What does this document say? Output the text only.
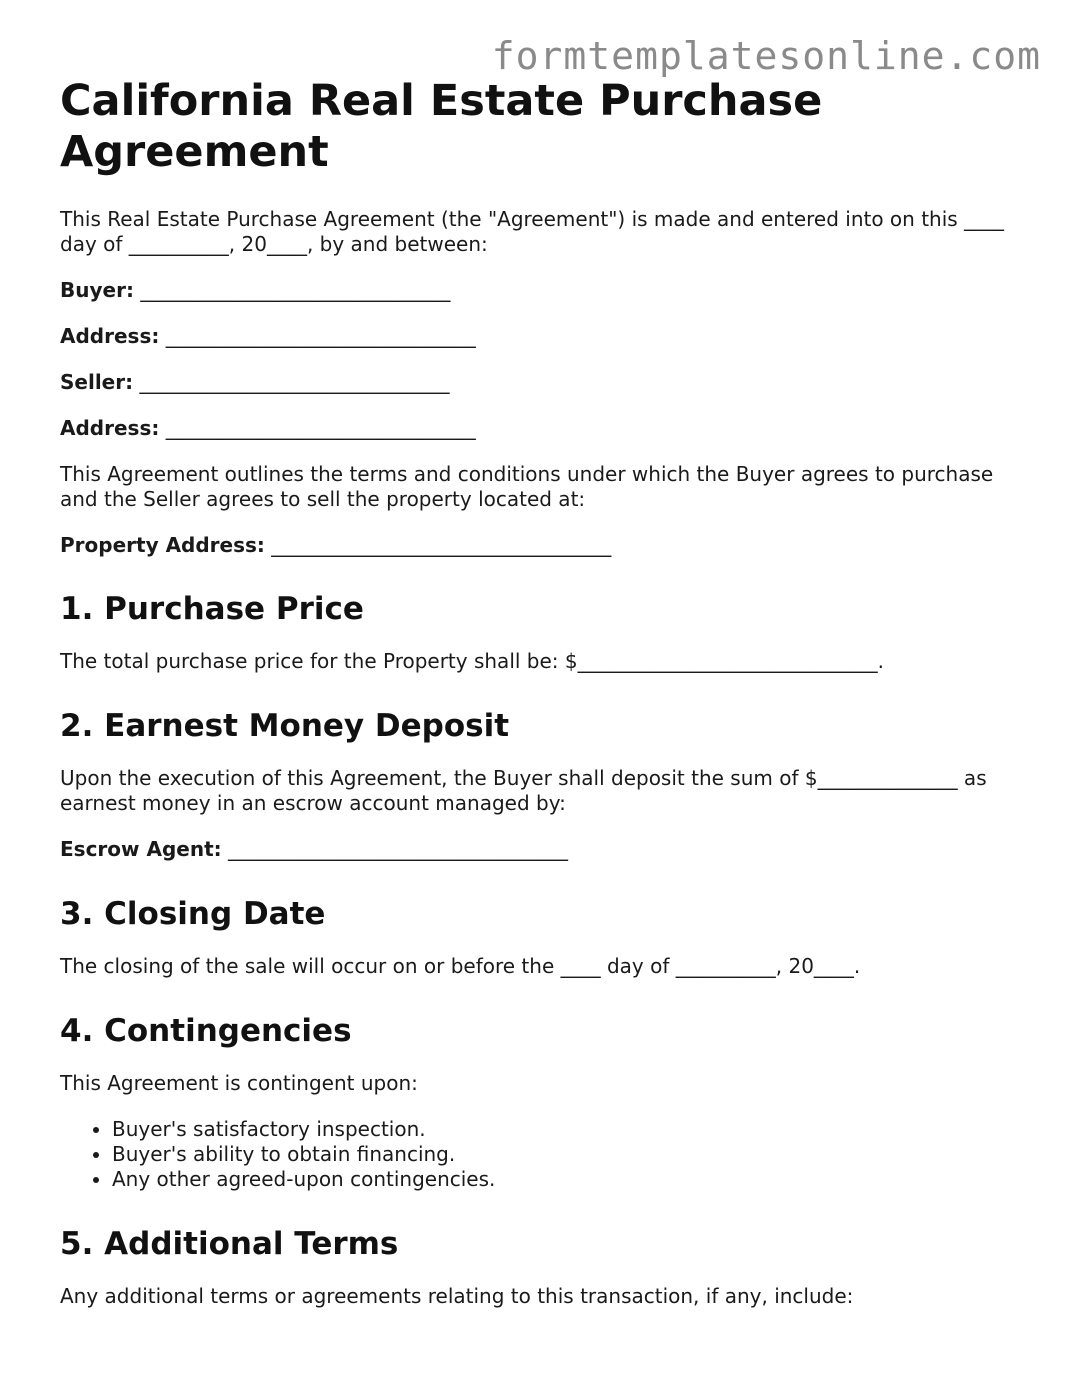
formtemplatesonline.com
California Real Estate Purchase Agreement

This Real Estate Purchase Agreement (the "Agreement") is made and entered into on this ____ day of __________, 20____, by and between:

Buyer: _______________________________
Address: _______________________________
Seller: _______________________________
Address: _______________________________

This Agreement outlines the terms and conditions under which the Buyer agrees to purchase and the Seller agrees to sell the property located at:

Property Address: __________________________________
1. Purchase Price

The total purchase price for the Property shall be: $______________________________.

2. Earnest Money Deposit

Upon the execution of this Agreement, the Buyer shall deposit the sum of $______________ as earnest money in an escrow account managed by:

Escrow Agent: __________________________________
3. Closing Date

The closing of the sale will occur on or before the ____ day of __________, 20____.

4. Contingencies

This Agreement is contingent upon:

• Buyer's satisfactory inspection.
• Buyer's ability to obtain financing.
• Any other agreed-upon contingencies.
5. Additional Terms

Any additional terms or agreements relating to this transaction, if any, include:
